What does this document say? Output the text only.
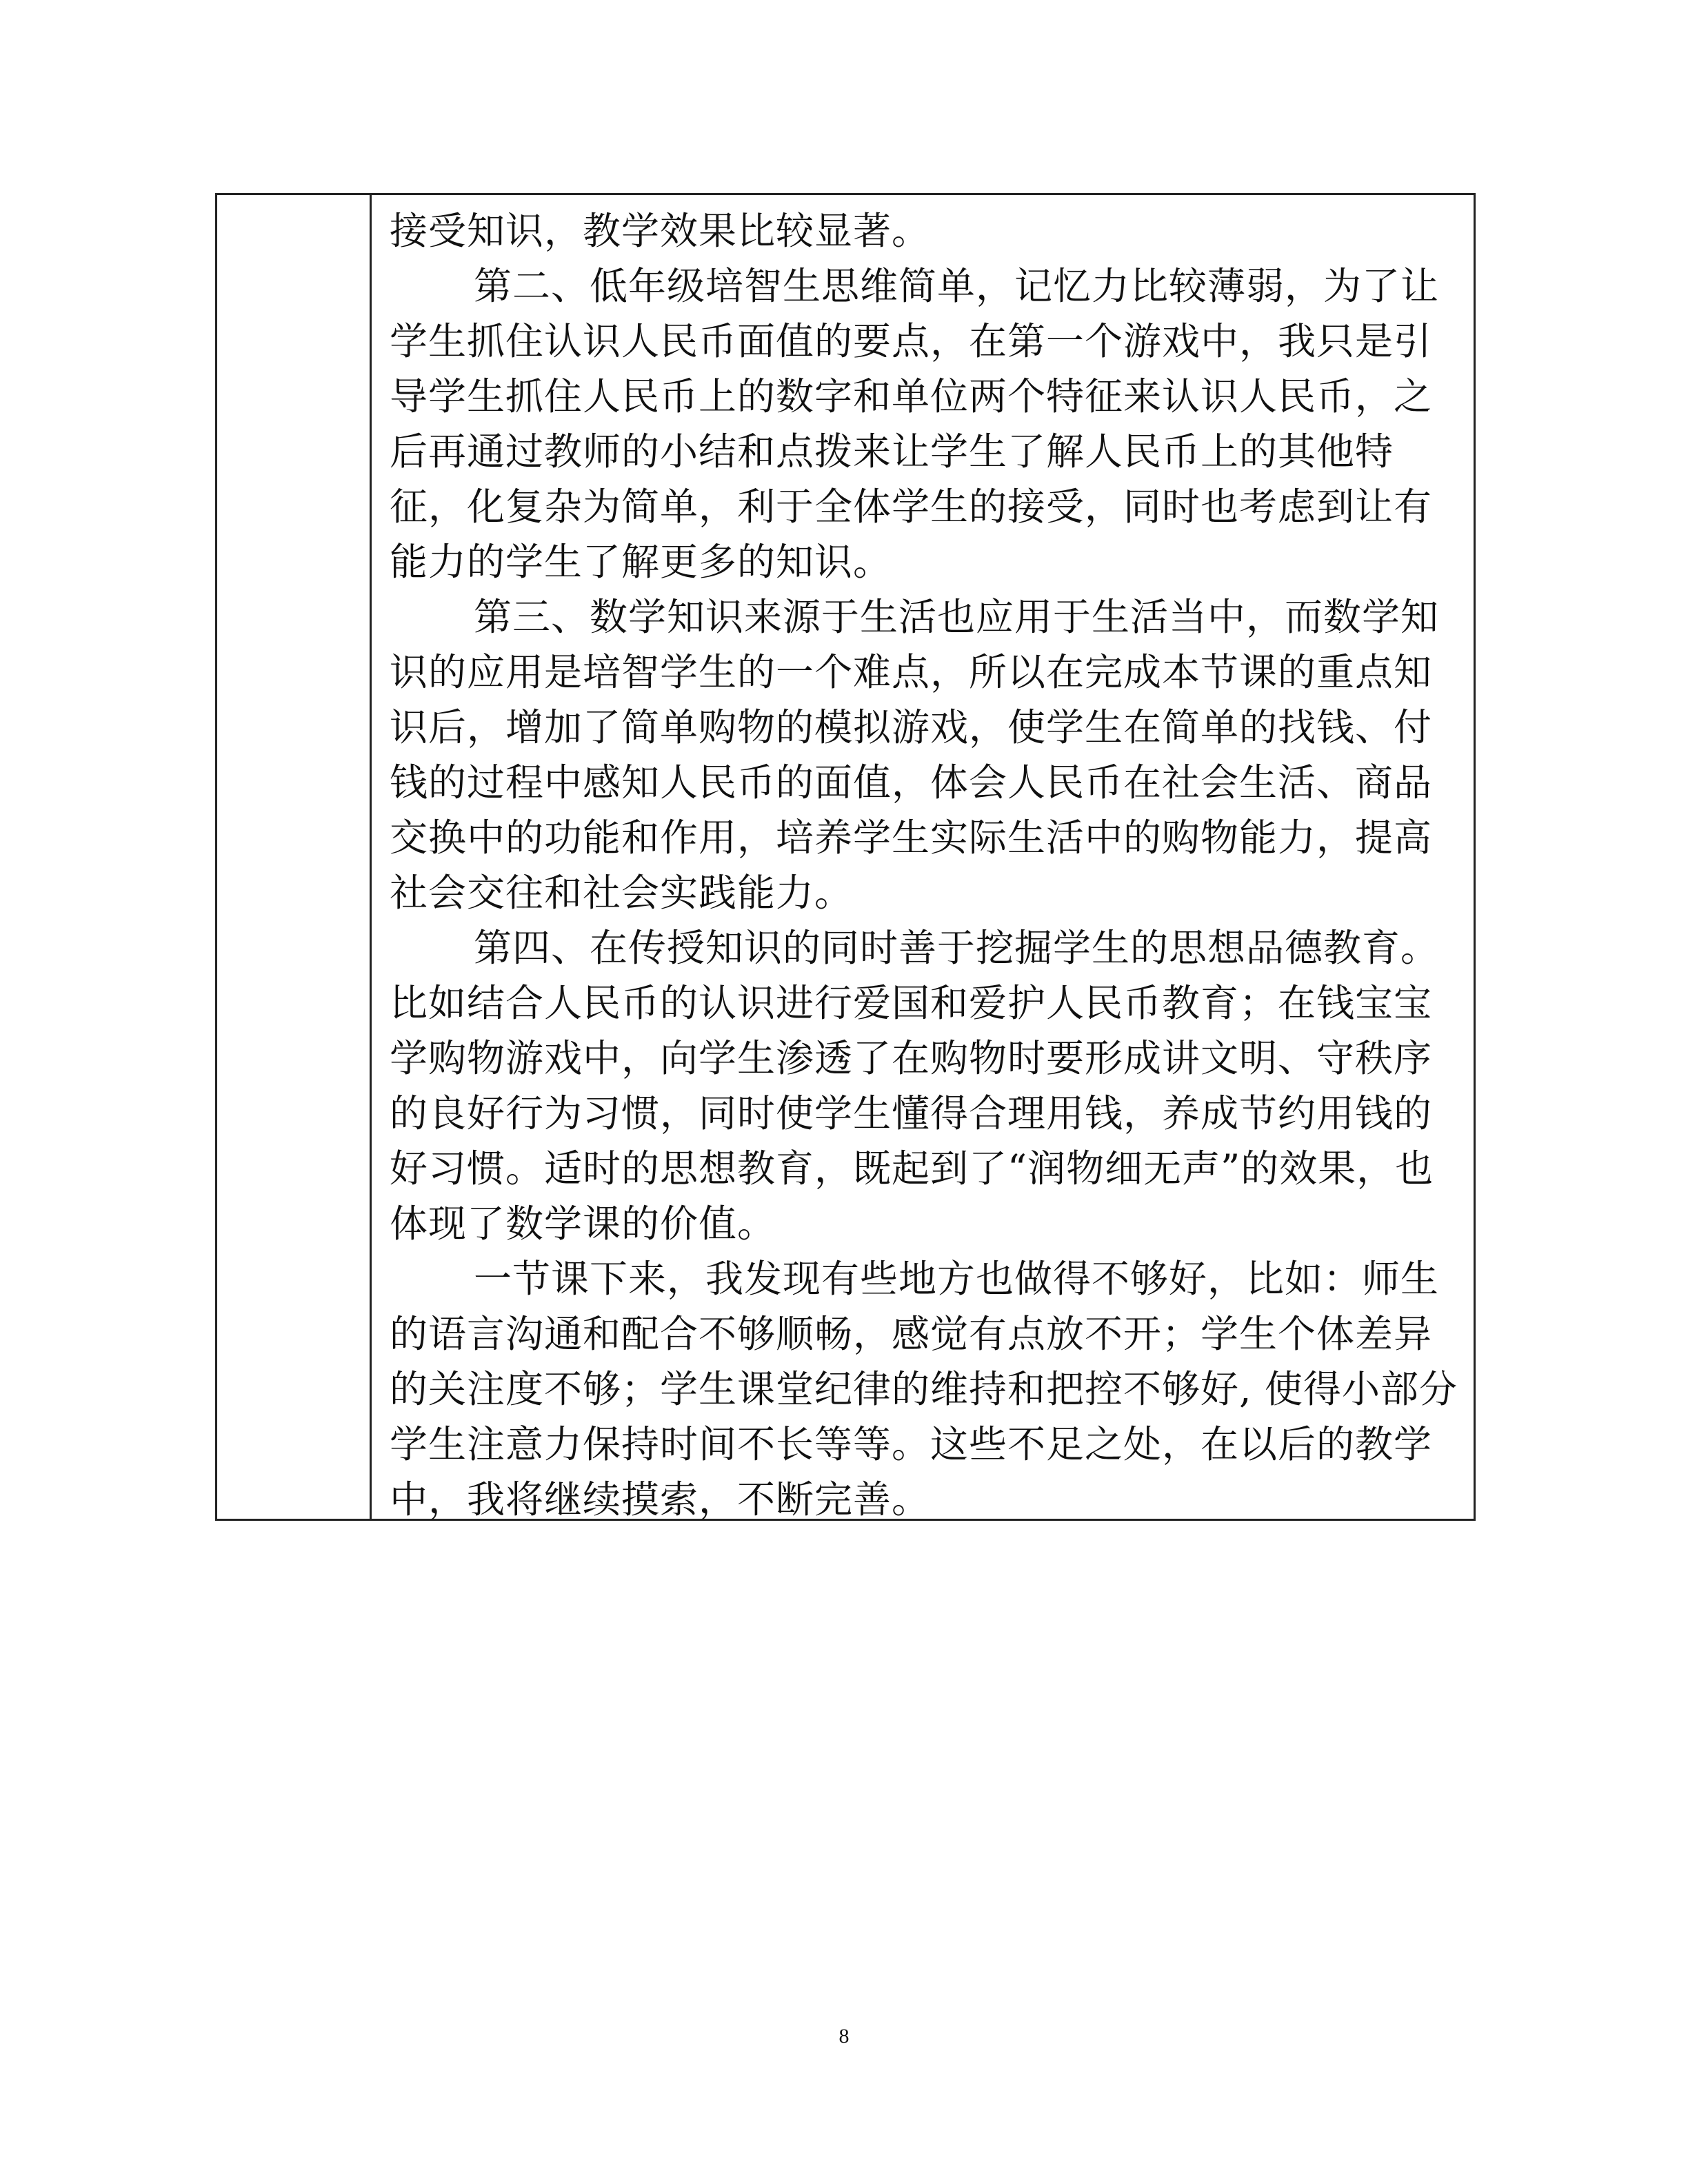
接受知识，教学效果比较显著。

第二、低年级培智生思维简单，记忆力比较薄弱，为了让学生抓住认识人民币面值的要点，在第一个游戏中，我只是引导学生抓住人民币上的数字和单位两个特征来认识人民币，之后再通过教师的小结和点拨来让学生了解人民币上的其他特征，化复杂为简单，利于全体学生的接受，同时也考虑到让有能力的学生了解更多的知识。

第三、数学知识来源于生活也应用于生活当中，而数学知识的应用是培智学生的一个难点，所以在完成本节课的重点知识后，增加了简单购物的模拟游戏，使学生在简单的找钱、付钱的过程中感知人民币的面值，体会人民币在社会生活、商品交换中的功能和作用，培养学生实际生活中的购物能力，提高社会交往和社会实践能力。

第四、在传授知识的同时善于挖掘学生的思想品德教育。比如结合人民币的认识进行爱国和爱护人民币教育；在钱宝宝学购物游戏中，向学生渗透了在购物时要形成讲文明、守秩序的良好行为习惯，同时使学生懂得合理用钱，养成节约用钱的好习惯。适时的思想教育，既起到了“润物细无声”的效果，也体现了数学课的价值。

一节课下来，我发现有些地方也做得不够好，比如：师生的语言沟通和配合不够顺畅，感觉有点放不开；学生个体差异的关注度不够；学生课堂纪律的维持和把控不够好, 使得小部分学生注意力保持时间不长等等。这些不足之处，在以后的教学中，我将继续摸索，不断完善。

8
